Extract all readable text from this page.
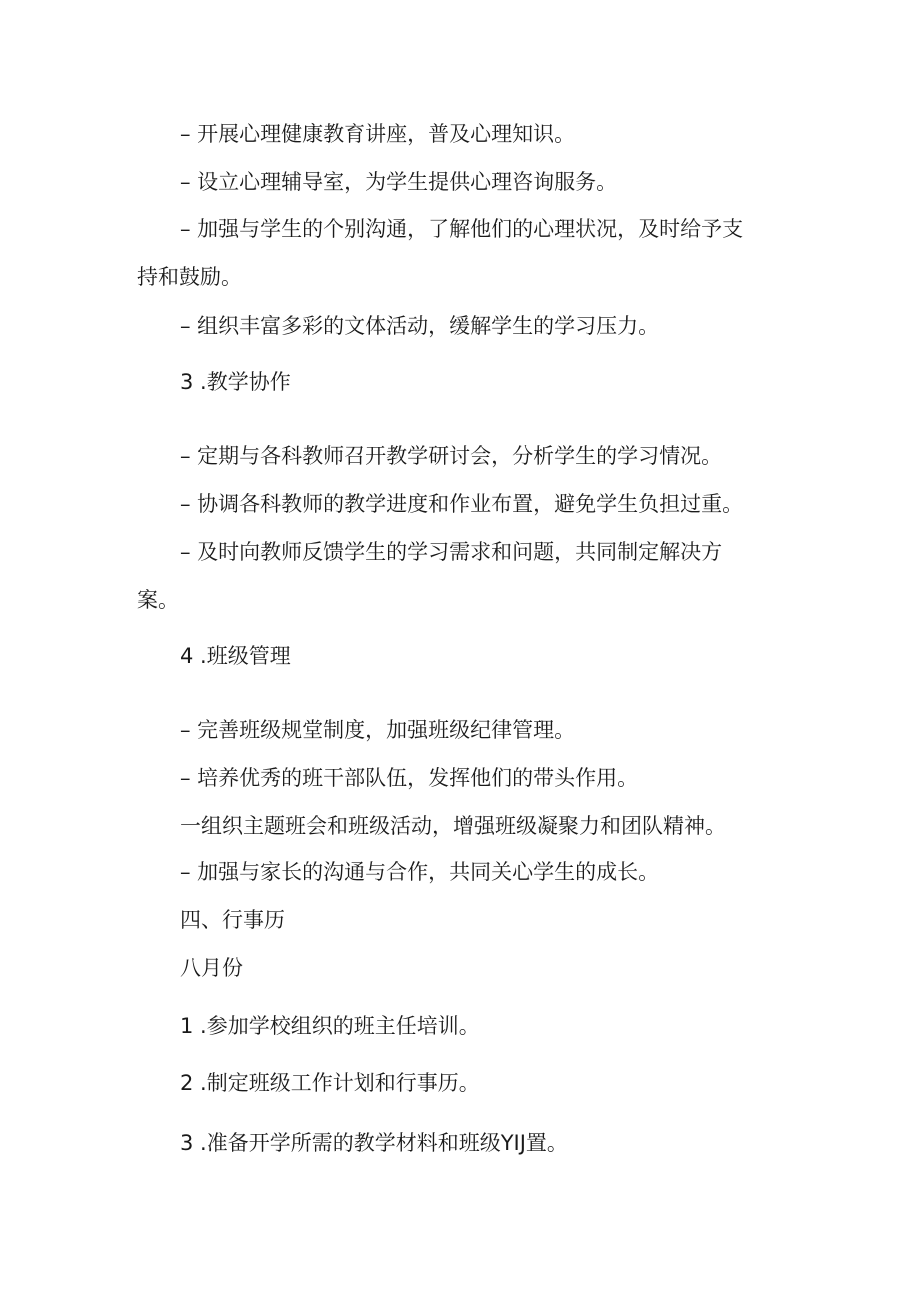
– 开展心理健康教育讲座，普及心理知识。
– 设立心理辅导室，为学生提供心理咨询服务。
– 加强与学生的个别沟通，了解他们的心理状况，及时给予支
持和鼓励。
– 组织丰富多彩的文体活动，缓解学生的学习压力。
3 .教学协作
– 定期与各科教师召开教学研讨会，分析学生的学习情况。
– 协调各科教师的教学进度和作业布置，避免学生负担过重。
– 及时向教师反馈学生的学习需求和问题，共同制定解决方
案。
4 .班级管理
– 完善班级规堂制度，加强班级纪律管理。
– 培养优秀的班干部队伍，发挥他们的带头作用。
一组织主题班会和班级活动，增强班级凝聚力和团队精神。
– 加强与家长的沟通与合作，共同关心学生的成长。
四、行事历
八月份
1 .参加学校组织的班主任培训。
2 .制定班级工作计划和行事历。
3 .准备开学所需的教学材料和班级YIJ置。
